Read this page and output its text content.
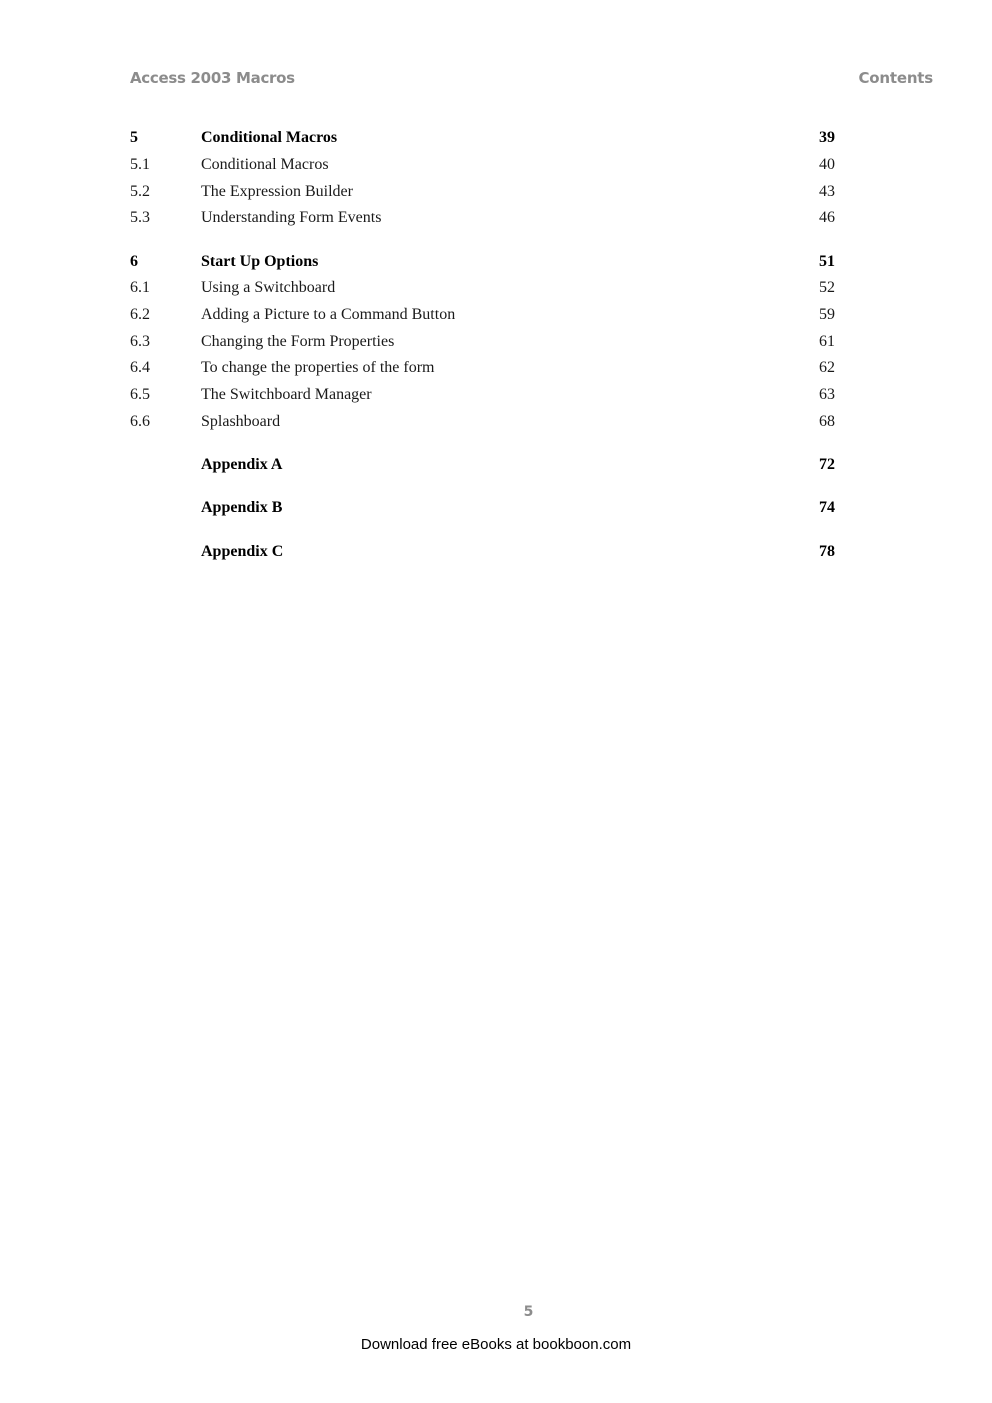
Access 2003 Macros	Contents
5	Conditional Macros	39
5.1	Conditional Macros	40
5.2	The Expression Builder	43
5.3	Understanding Form Events	46
6	Start Up Options	51
6.1	Using a Switchboard	52
6.2	Adding a Picture to a Command Button	59
6.3	Changing the Form Properties	61
6.4	To change the properties of the form	62
6.5	The Switchboard Manager	63
6.6	Splashboard	68
Appendix A	72
Appendix B	74
Appendix C	78
5
Download free eBooks at bookboon.com
